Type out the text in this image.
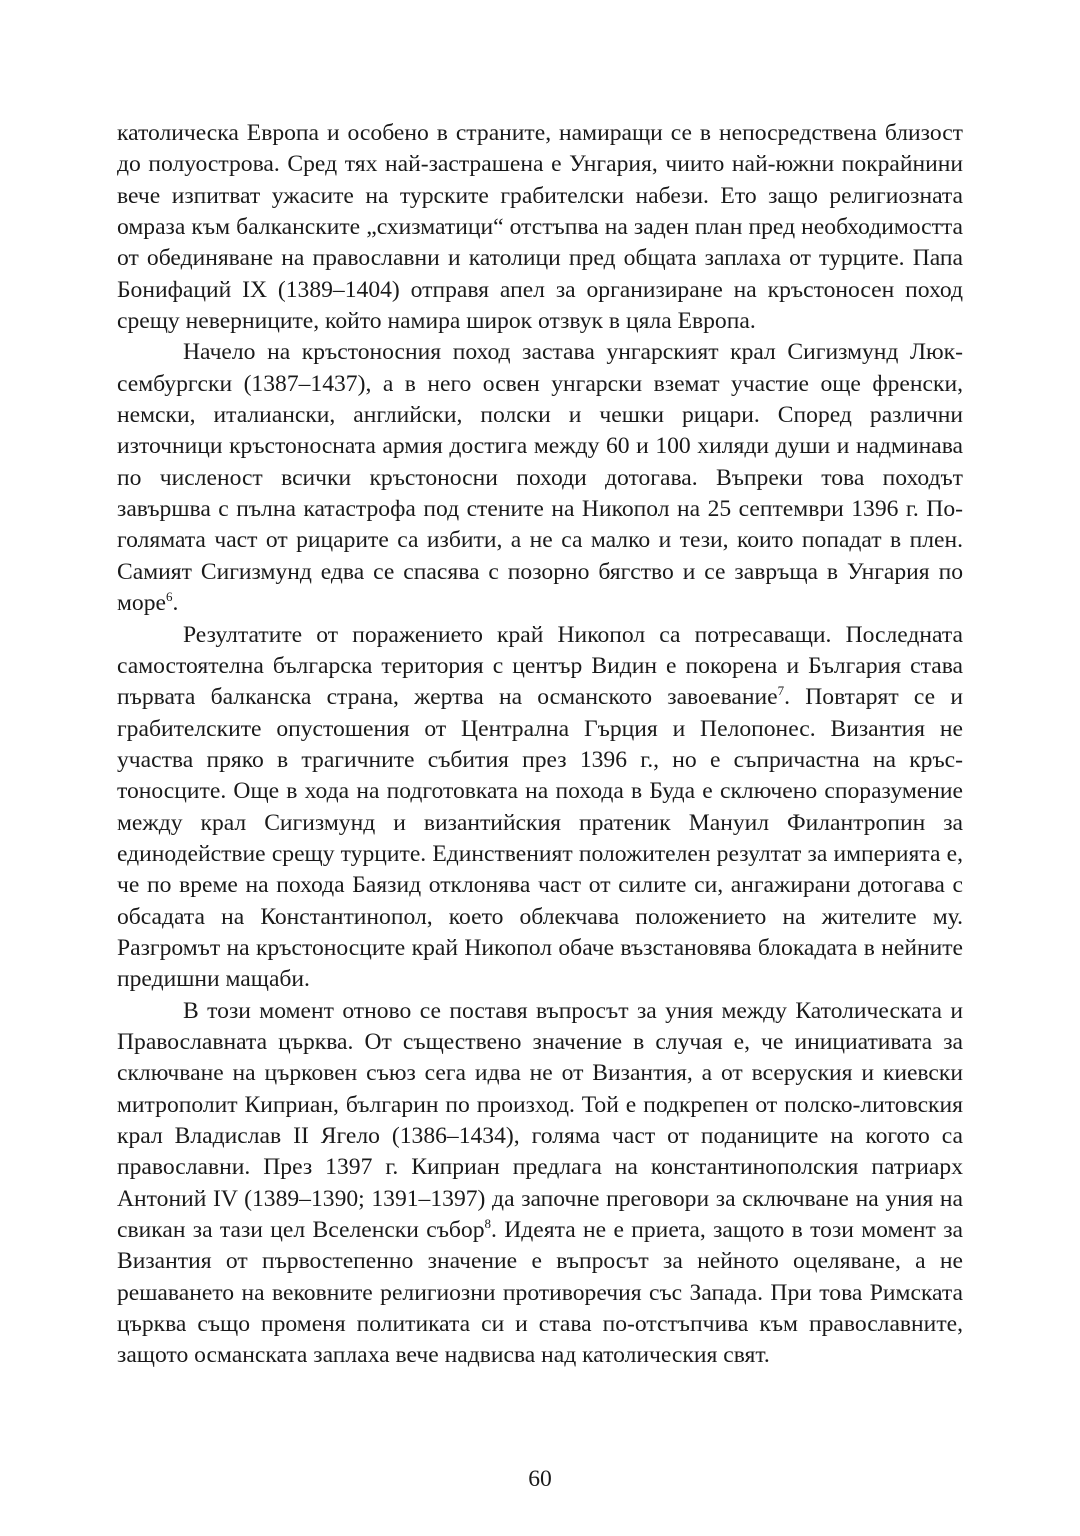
католическа Европа и особено в страните, намиращи се в непосредствена близост до полуострова. Сред тях най-застрашена е Унгария, чиито най-южни покрайнини вече изпитват ужасите на турските грабителски набези. Ето защо религиозната омраза към балканските „схизматици“ отстъпва на заден план пред необходимостта от обединяване на православни и католици пред общата заплаха от турците. Папа Бонифаций IX (1389–1404) отправя апел за организиране на кръстоносен поход срещу неверниците, който намира широк отзвук в цяла Европа.

Начело на кръстоносния поход застава унгарският крал Сигизмунд Люксембургски (1387–1437), а в него освен унгарски вземат участие още френски, немски, италиански, английски, полски и чешки рицари. Според различни източници кръстоносната армия достига между 60 и 100 хиляди души и надминава по численост всички кръстоносни походи дотогава. Въпреки това походът завършва с пълна катастрофа под стените на Никопол на 25 септември 1396 г. По-голямата част от рицарите са избити, а не са малко и тези, които попадат в плен. Самият Сигизмунд едва се спасява с позорно бягство и се завръща в Унгария по море$^6$.

Резултатите от поражението край Никопол са потресаващи. Последната самостоятелна българска територия с център Видин е покорена и България става първата балканска страна, жертва на османското завоевание$^7$. Повтарят се и грабителските опустошения от Централна Гърция и Пелопонес. Византия не участва пряко в трагичните събития през 1396 г., но е съпричастна на кръстоносците. Още в хода на подготовката на похода в Буда е сключено споразумение между крал Сигизмунд и византийския пратеник Мануил Филантропин за единодействие срещу турците. Единственият положителен резултат за империята е, че по време на похода Баязид отклонява част от силите си, ангажирани дотогава с обсадата на Константинопол, което облекчава положението на жителите му. Разгромът на кръстоносците край Никопол обаче възстановява блокадата в нейните предишни мащаби.

В този момент отново се поставя въпросът за уния между Католическата и Православната църква. От съществено значение в случая е, че инициативата за сключване на църковен съюз сега идва не от Византия, а от всеруския и киевски митрополит Киприан, българин по произход. Той е подкрепен от полско-литовския крал Владислав II Ягело (1386–1434), голяма част от поданиците на когото са православни. През 1397 г. Киприан предлага на константинополския патриарх Антоний IV (1389–1390; 1391–1397) да започне преговори за сключване на уния на свикан за тази цел Вселенски събор$^8$. Идеята не е приета, защото в този момент за Византия от първостепенно значение е въпросът за нейното оцеляване, а не решаването на вековните религиозни противоречия със Запада. При това Римската църква също променя политиката си и става по-отстъпчива към православните, защото османската заплаха вече надвисва над католическия свят.

60
